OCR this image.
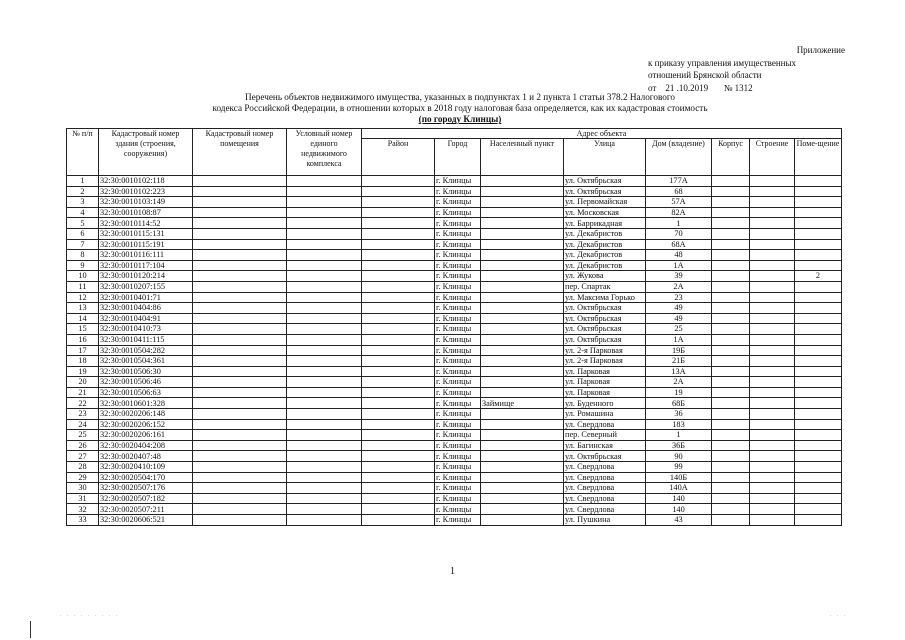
Приложение
к приказу управления имущественных
отношений Брянской области
от 21 .10.2019 № 1312
Перечень объектов недвижимого имущества, указанных в подпунктах 1 и 2 пункта 1 статьи 378.2 Налогового
кодекса Российской Федерации, в отношении которых в 2018 году налоговая база определяется, как их кадастровая стоимость
(по городу Клинцы)
№ п/п	Кадастровый номер здания (строения, сооружения)	Кадастровый номер помещения	Условный номер единого недвижимого комплекса	Адрес объекта							
				Район	Город	Населенный пункт	Улица	Дом (владение)	Корпус	Строение	Поме-щение
1	32:30:0010102:118				г. Клинцы		ул. Октябрьская	177А			
2	32:30:0010102:223				г. Клинцы		ул. Октябрьская	68			
3	32:30:0010103:149				г. Клинцы		ул. Первомайская	57А			
4	32:30:0010108:87				г. Клинцы		ул. Московская	82А			
5	32:30:0010114:52				г. Клинцы		ул. Баррикадная	1			
6	32:30:0010115:131				г. Клинцы		ул. Декабристов	70			
7	32:30:0010115:191				г. Клинцы		ул. Декабристов	68А			
8	32:30:0010116:111				г. Клинцы		ул. Декабристов	48			
9	32:30:0010117:104				г. Клинцы		ул. Декабристов	1А			
10	32:30:0010120:214				г. Клинцы		ул. Жукова	39			2
11	32:30:0010207:155				г. Клинцы		пер. Спартак	2А			
12	32:30:0010401:71				г. Клинцы		ул. Максима Горько	23			
13	32:30:0010404:86				г. Клинцы		ул. Октябрьская	49			
14	32:30:0010404:91				г. Клинцы		ул. Октябрьская	49			
15	32:30:0010410:73				г. Клинцы		ул. Октябрьская	25			
16	32:30:0010411:115				г. Клинцы		ул. Октябрьская	1А			
17	32:30:0010504:282				г. Клинцы		ул. 2-я Парковая	19Б			
18	32:30:0010504:361				г. Клинцы		ул. 2-я Парковая	21Б			
19	32:30:0010506:30				г. Клинцы		ул. Парковая	13А			
20	32:30:0010506:46				г. Клинцы		ул. Парковая	2А			
21	32:30:0010506:63				г. Клинцы		ул. Парковая	19			
22	32:30:0010601:328				г. Клинцы	Займище	ул. Буденного	68Б			
23	32:30:0020206:148				г. Клинцы		ул. Ромашина	36			
24	32:30:0020206:152				г. Клинцы		ул. Свердлова	183			
25	32:30:0020206:161				г. Клинцы		пер. Северный	1			
26	32:30:0020404:208				г. Клинцы		ул. Багинская	36Б			
27	32:30:0020407:48				г. Клинцы		ул. Октябрьская	90			
28	32:30:0020410:109				г. Клинцы		ул. Свердлова	99			
29	32:30:0020504:170				г. Клинцы		ул. Свердлова	140Б			
30	32:30:0020507:176				г. Клинцы		ул. Свердлова	140А			
31	32:30:0020507:182				г. Клинцы		ул. Свердлова	140			
32	32:30:0020507:211				г. Клинцы		ул. Свердлова	140			
33	32:30:0020606:521				г. Клинцы		ул. Пушкина	43			
1
. . . . . . . . .	. . .
